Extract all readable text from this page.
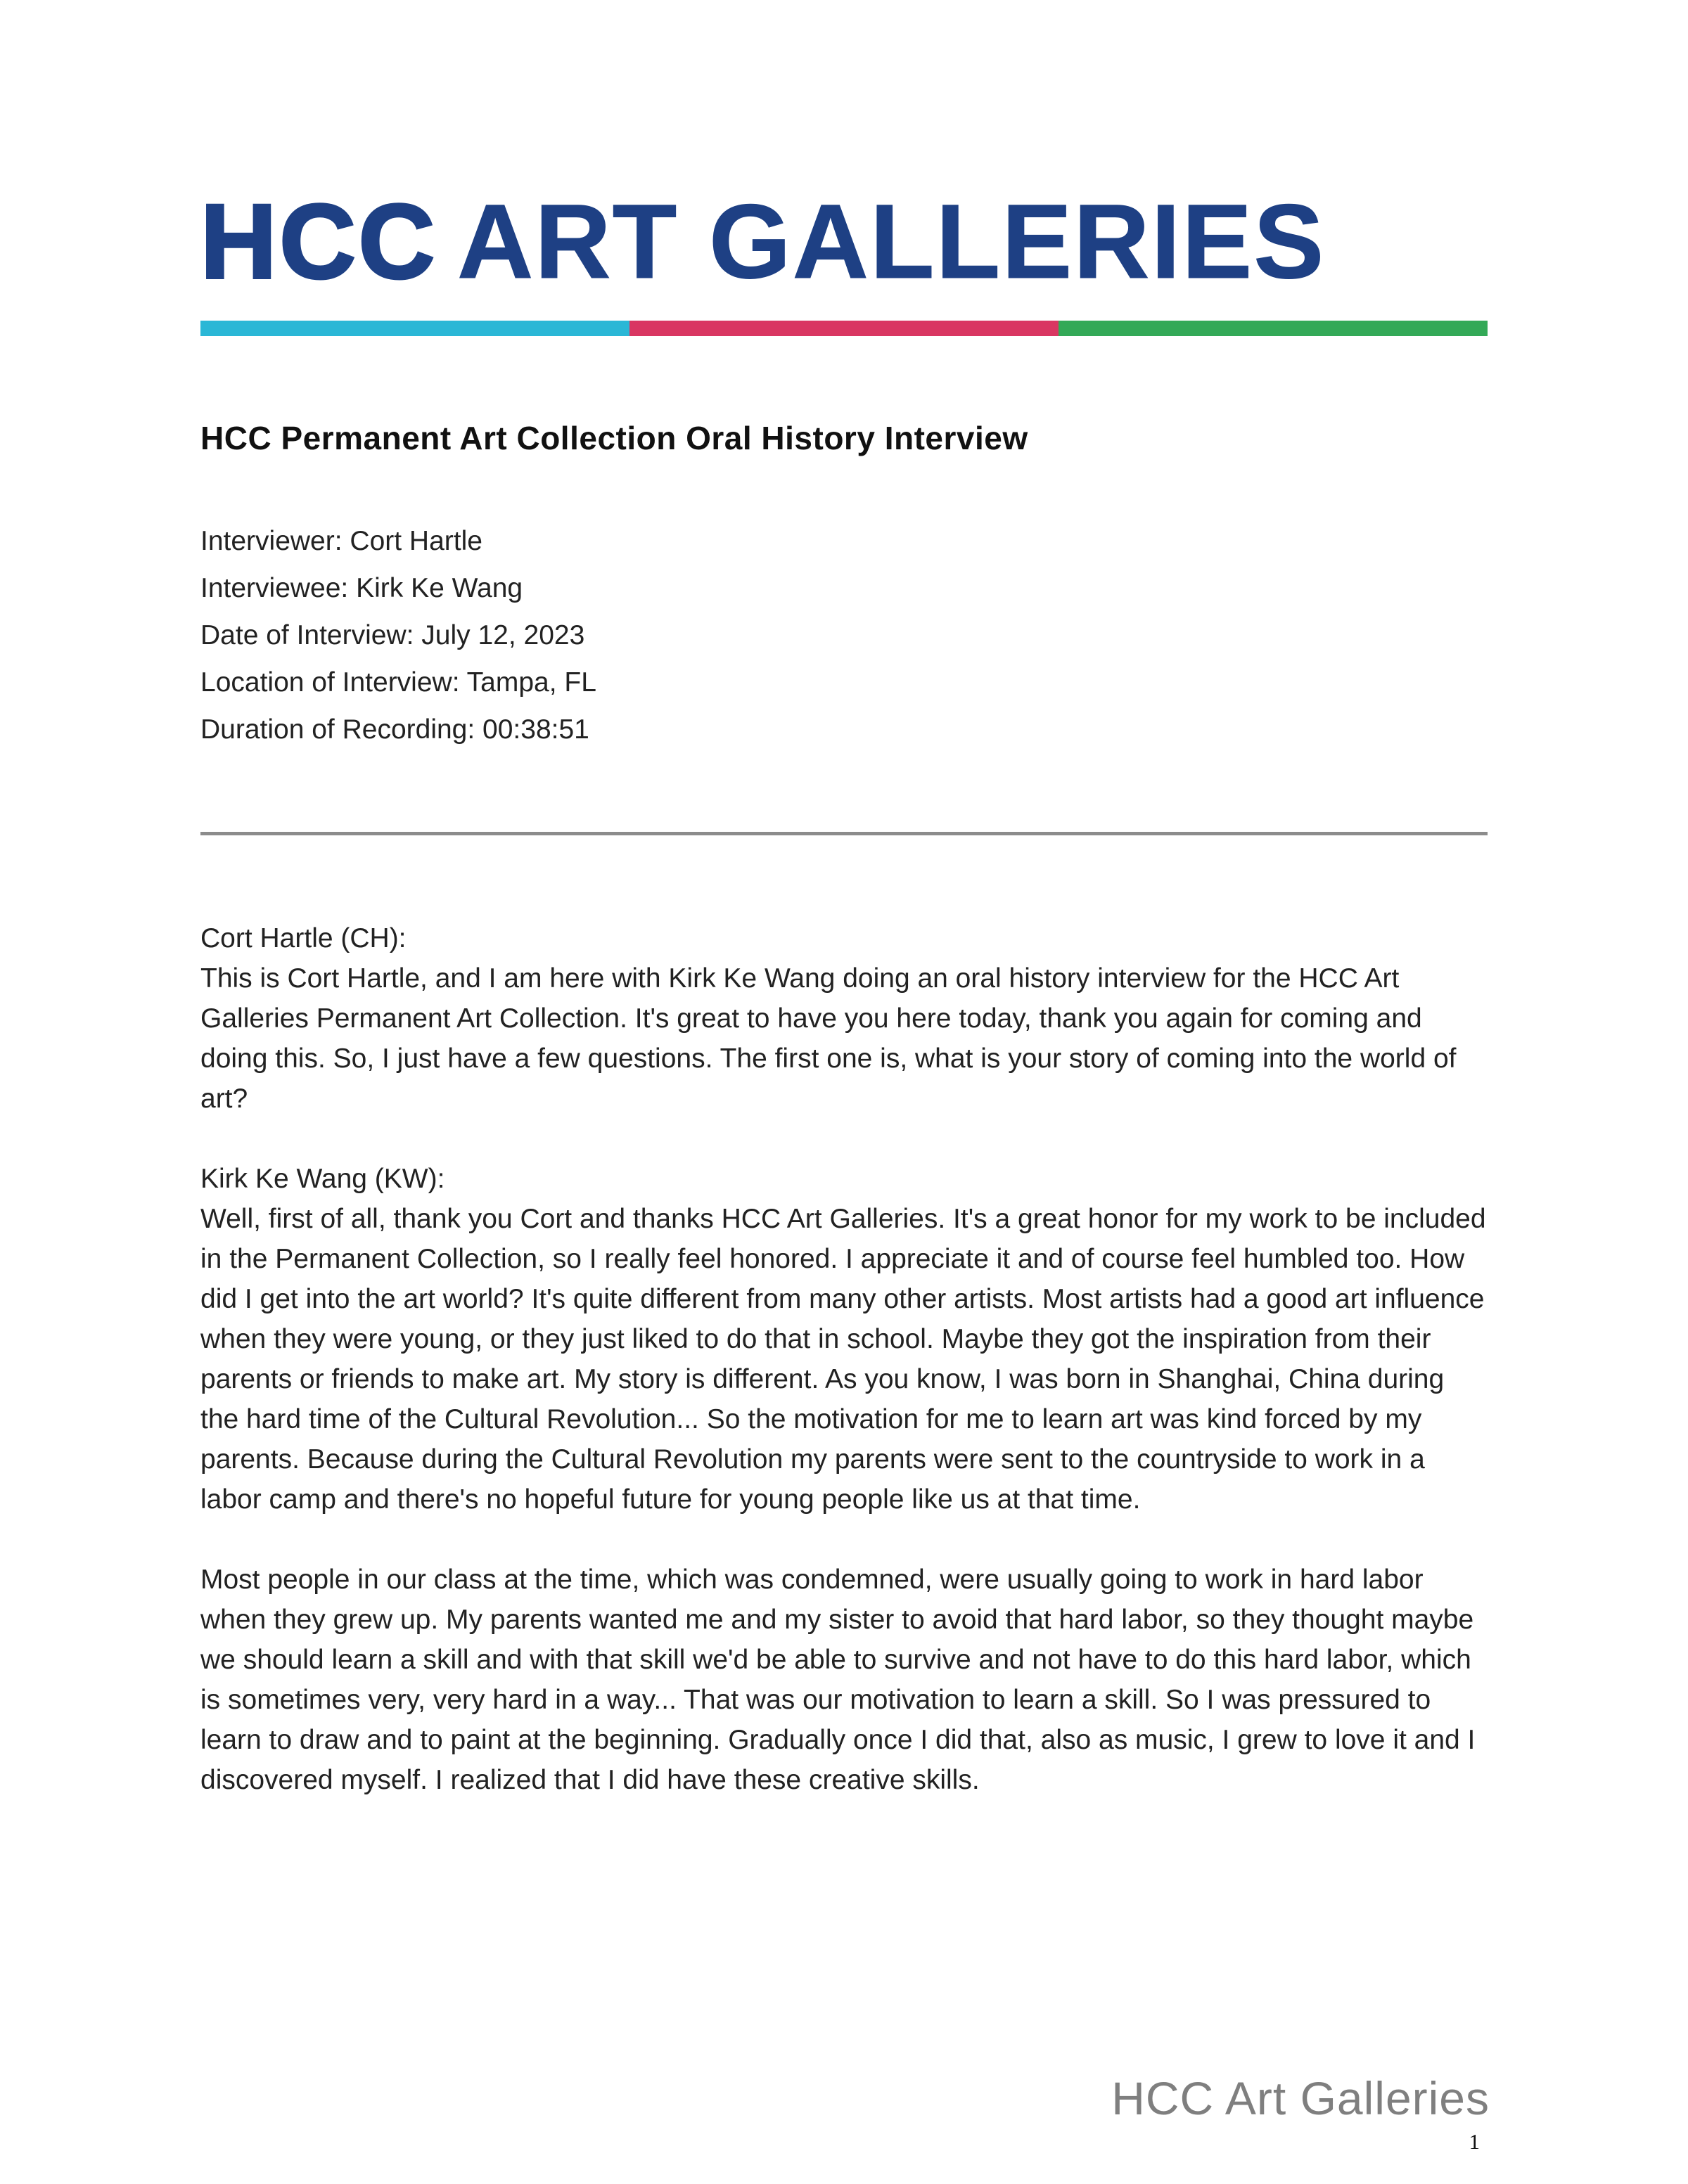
HCC ART GALLERIES
HCC Permanent Art Collection Oral History Interview
Interviewer: Cort Hartle
Interviewee: Kirk Ke Wang
Date of Interview: July 12, 2023
Location of Interview: Tampa, FL
Duration of Recording: 00:38:51
Cort Hartle (CH):
This is Cort Hartle, and I am here with Kirk Ke Wang doing an oral history interview for the HCC Art Galleries Permanent Art Collection. It's great to have you here today, thank you again for coming and doing this. So, I just have a few questions. The first one is, what is your story of coming into the world of art?
Kirk Ke Wang (KW):
Well, first of all, thank you Cort and thanks HCC Art Galleries. It's a great honor for my work to be included in the Permanent Collection, so I really feel honored. I appreciate it and of course feel humbled too. How did I get into the art world? It's quite different from many other artists. Most artists had a good art influence when they were young, or they just liked to do that in school. Maybe they got the inspiration from their parents or friends to make art. My story is different. As you know, I was born in Shanghai, China during the hard time of the Cultural Revolution... So the motivation for me to learn art was kind forced by my parents. Because during the Cultural Revolution my parents were sent to the countryside to work in a labor camp and there's no hopeful future for young people like us at that time.
Most people in our class at the time, which was condemned, were usually going to work in hard labor when they grew up. My parents wanted me and my sister to avoid that hard labor, so they thought maybe we should learn a skill and with that skill we'd be able to survive and not have to do this hard labor, which is sometimes very, very hard in a way... That was our motivation to learn a skill. So I was pressured to learn to draw and to paint at the beginning. Gradually once I did that, also as music, I grew to love it and I discovered myself. I realized that I did have these creative skills.
HCC Art Galleries
1
